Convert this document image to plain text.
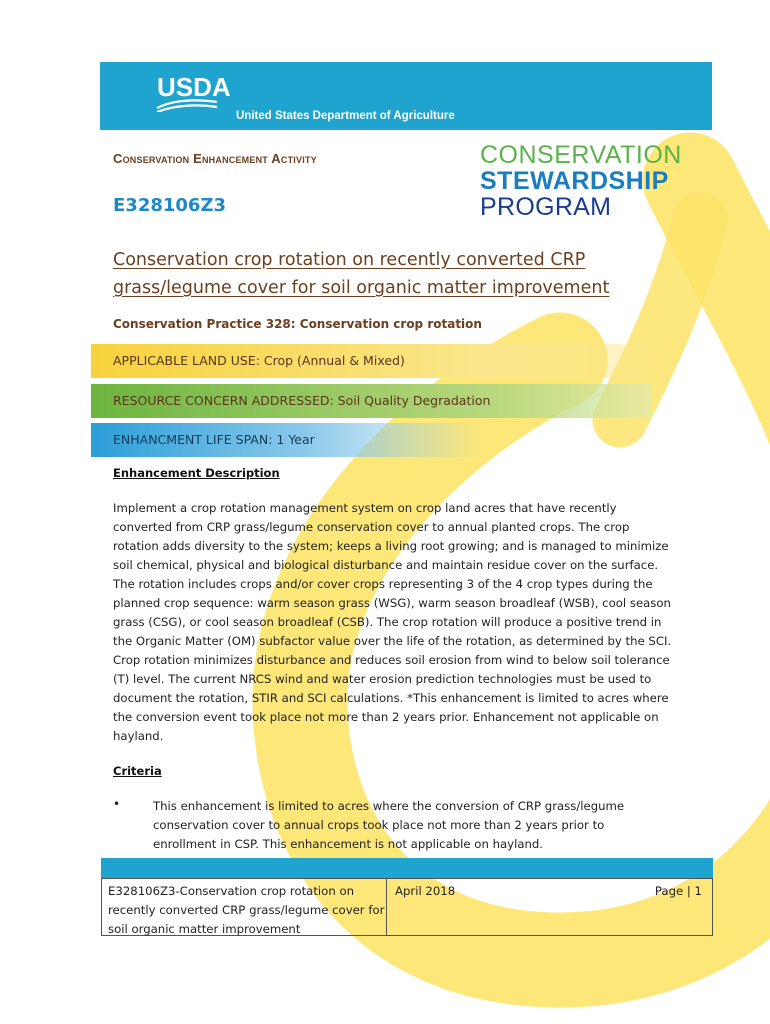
USDA
United States Department of Agriculture
Conservation Enhancement Activity
E328106Z3
CONSERVATION
STEWARDSHIP
PROGRAM
Conservation crop rotation on recently converted CRP grass/legume cover for soil organic matter improvement
Conservation Practice 328: Conservation crop rotation
APPLICABLE LAND USE: Crop (Annual & Mixed)
RESOURCE CONCERN ADDRESSED: Soil Quality Degradation
ENHANCMENT LIFE SPAN: 1 Year
Enhancement Description

Implement a crop rotation management system on crop land acres that have recently converted from CRP grass/legume conservation cover to annual planted crops. The crop rotation adds diversity to the system; keeps a living root growing; and is managed to minimize soil chemical, physical and biological disturbance and maintain residue cover on the surface. The rotation includes crops and/or cover crops representing 3 of the 4 crop types during the planned crop sequence: warm season grass (WSG), warm season broadleaf (WSB), cool season grass (CSG), or cool season broadleaf (CSB). The crop rotation will produce a positive trend in the Organic Matter (OM) subfactor value over the life of the rotation, as determined by the SCI. Crop rotation minimizes disturbance and reduces soil erosion from wind to below soil tolerance (T) level. The current NRCS wind and water erosion prediction technologies must be used to document the rotation, STIR and SCI calculations. *This enhancement is limited to acres where the conversion event took place not more than 2 years prior. Enhancement not applicable on hayland.

Criteria
•	This enhancement is limited to acres where the conversion of CRP grass/legume conservation cover to annual crops took place not more than 2 years prior to enrollment in CSP. This enhancement is not applicable on hayland.

E328106Z3-Conservation crop rotation on recently converted CRP grass/legume cover for soil organic matter improvement
April 2018	Page | 1
